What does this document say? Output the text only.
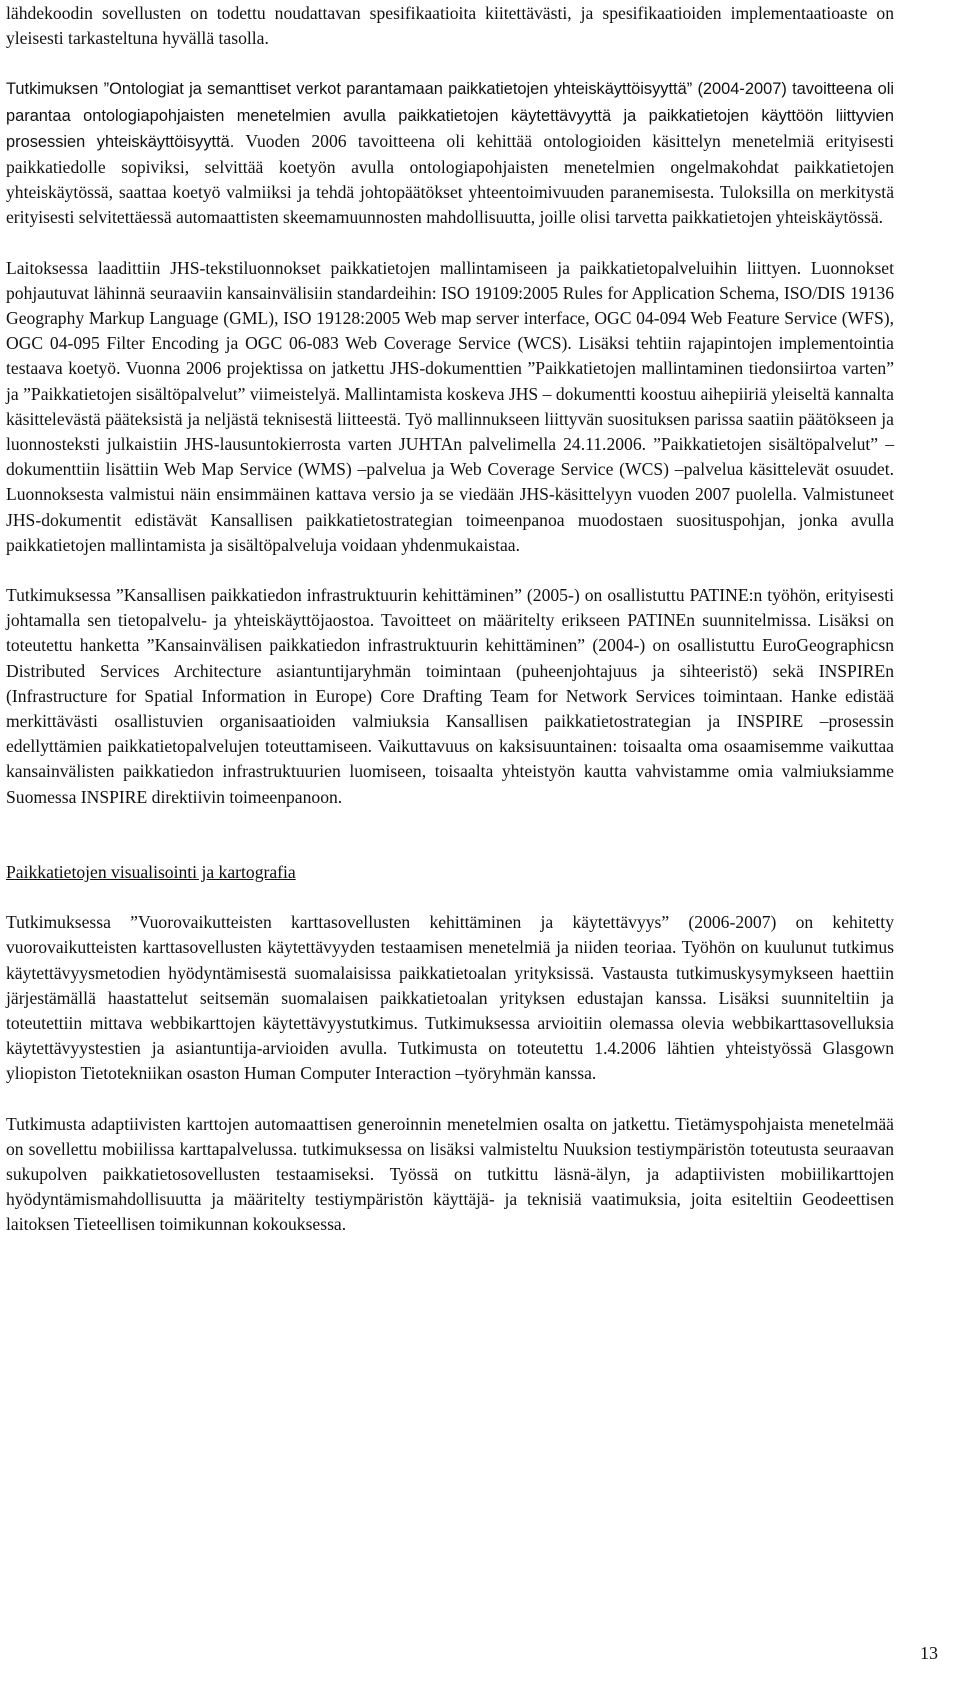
lähdekoodin sovellusten on todettu noudattavan spesifikaatioita kiitettävästi, ja spesifikaatioiden implementaatioaste on yleisesti tarkasteltuna hyvällä tasolla.

Tutkimuksen ”Ontologiat ja semanttiset verkot parantamaan paikkatietojen yhteiskäyttöisyyttä” (2004-2007) tavoitteena oli parantaa ontologiapohjaisten menetelmien avulla paikkatietojen käytettävyyttä ja paikkatietojen käyttöön liittyvien prosessien yhteiskäyttöisyyttä. Vuoden 2006 tavoitteena oli kehittää ontologioiden käsittelyn menetelmiä erityisesti paikkatiedolle sopiviksi, selvittää koetyön avulla ontologiapohjaisten menetelmien ongelmakohdat paikkatietojen yhteiskäytössä, saattaa koetyö valmiiksi ja tehdä johtopäätökset yhteentoimivuuden paranemisesta. Tuloksilla on merkitystä erityisesti selvitettäessä automaattisten skeemamuunnosten mahdollisuutta, joille olisi tarvetta paikkatietojen yhteiskäytössä.

Laitoksessa laadittiin JHS-tekstiluonnokset paikkatietojen mallintamiseen ja paikkatietopalveluihin liittyen. Luonnokset pohjautuvat lähinnä seuraaviin kansainvälisiin standardeihin: ISO 19109:2005 Rules for Application Schema, ISO/DIS 19136 Geography Markup Language (GML), ISO 19128:2005 Web map server interface, OGC 04-094 Web Feature Service (WFS), OGC 04-095 Filter Encoding ja OGC 06-083 Web Coverage Service (WCS). Lisäksi tehtiin rajapintojen implementointia testaava koetyö. Vuonna 2006 projektissa on jatkettu JHS-dokumenttien ”Paikkatietojen mallintaminen tiedonsiirtoa varten” ja ”Paikkatietojen sisältöpalvelut” viimeistelyä. Mallintamista koskeva JHS – dokumentti koostuu aihepiiriä yleiseltä kannalta käsittelevästä pääteksistä ja neljästä teknisestä liitteestä. Työ mallinnukseen liittyvän suosituksen parissa saatiin päätökseen ja luonnosteksti julkaistiin JHS-lausuntokierrosta varten JUHTAn palvelimella 24.11.2006. ”Paikkatietojen sisältöpalvelut” – dokumenttiin lisättiin Web Map Service (WMS) –palvelua ja Web Coverage Service (WCS) –palvelua käsittelevät osuudet. Luonnoksesta valmistui näin ensimmäinen kattava versio ja se viedään JHS-käsittelyyn vuoden 2007 puolella. Valmistuneet JHS-dokumentit edistävät Kansallisen paikkatietostrategian toimeenpanoa muodostaen suosituspohjan, jonka avulla paikkatietojen mallintamista ja sisältöpalveluja voidaan yhdenmukaistaa.

Tutkimuksessa ”Kansallisen paikkatiedon infrastruktuurin kehittäminen” (2005-) on osallistuttu PATINE:n työhön, erityisesti johtamalla sen tietopalvelu- ja yhteiskäyttöjaostoa. Tavoitteet on määritelty erikseen PATINEn suunnitelmissa. Lisäksi on toteutettu hanketta ”Kansainvälisen paikkatiedon infrastruktuurin kehittäminen” (2004-) on osallistuttu EuroGeographicsn Distributed Services Architecture asiantuntijaryhmän toimintaan (puheenjohtajuus ja sihteeristö) sekä INSPIREn (Infrastructure for Spatial Information in Europe) Core Drafting Team for Network Services toimintaan. Hanke edistää merkittävästi osallistuvien organisaatioiden valmiuksia Kansallisen paikkatietostrategian ja INSPIRE –prosessin edellyttämien paikkatietopalvelujen toteuttamiseen. Vaikuttavuus on kaksisuuntainen: toisaalta oma osaamisemme vaikuttaa kansainvälisten paikkatiedon infrastruktuurien luomiseen, toisaalta yhteistyön kautta vahvistamme omia valmiuksiamme Suomessa INSPIRE direktiivin toimeenpanoon.

Paikkatietojen visualisointi ja kartografia

Tutkimuksessa ”Vuorovaikutteisten karttasovellusten kehittäminen ja käytettävyys” (2006-2007) on kehitetty vuorovaikutteisten karttasovellusten käytettävyyden testaamisen menetelmiä ja niiden teoriaa. Työhön on kuulunut tutkimus käytettävyysmetodien hyödyntämisestä suomalaisissa paikkatietoalan yrityksissä. Vastausta tutkimuskysymykseen haettiin järjestämällä haastattelut seitsemän suomalaisen paikkatietoalan yrityksen edustajan kanssa. Lisäksi suunniteltiin ja toteutettiin mittava webbikarttojen käytettävyystutkimus. Tutkimuksessa arvioitiin olemassa olevia webbikarttasovelluksia käytettävyystestien ja asiantuntija-arvioiden avulla. Tutkimusta on toteutettu 1.4.2006 lähtien yhteistyössä Glasgown yliopiston Tietotekniikan osaston Human Computer Interaction –työryhmän kanssa.

Tutkimusta adaptiivisten karttojen automaattisen generoinnin menetelmien osalta on jatkettu. Tietämyspohjaista menetelmää on sovellettu mobiilissa karttapalvelussa. tutkimuksessa on lisäksi valmisteltu Nuuksion testiympäristön toteutusta seuraavan sukupolven paikkatietosovellusten testaamiseksi. Työssä on tutkittu läsnä-älyn, ja adaptiivisten mobiilikarttojen hyödyntämismahdollisuutta ja määritelty testiympäristön käyttäjä- ja teknisiä vaatimuksia, joita esiteltiin Geodeettisen laitoksen Tieteellisen toimikunnan kokouksessa.

13
